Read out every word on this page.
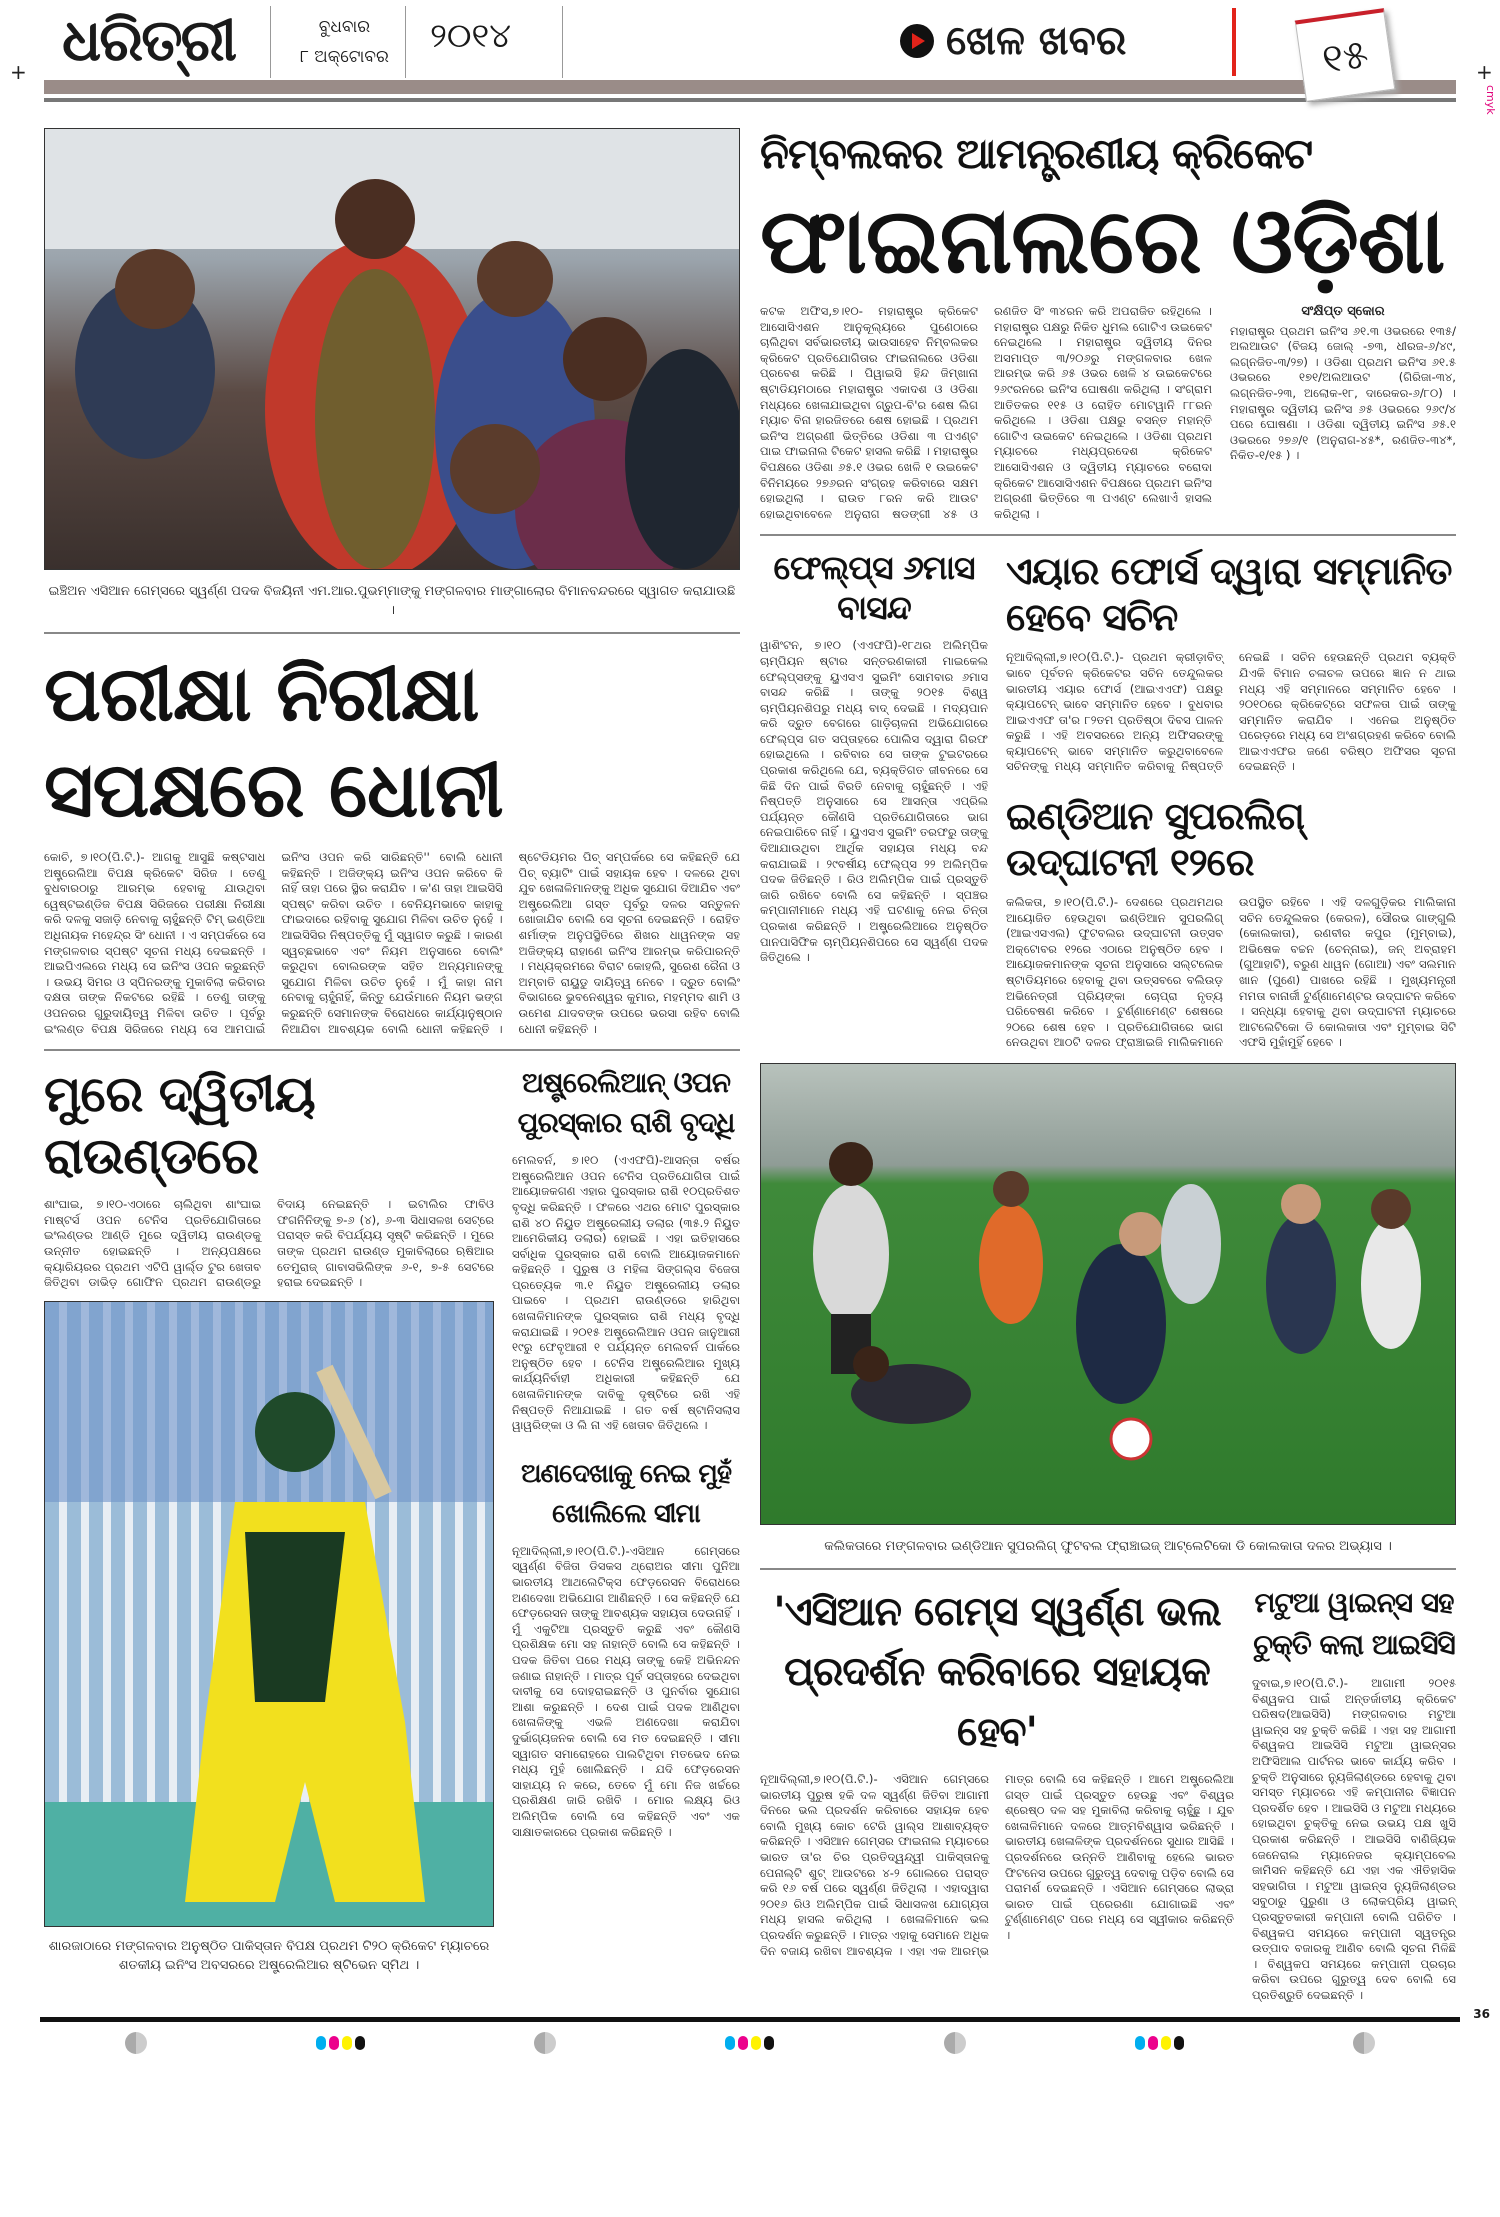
ଧରିତ୍ରୀ	ବୁଧବାର
୮ ଅକ୍ଟୋବର
୨୦୧୪	ଖେଳ ଖବର	୧୫
+	+
cmyk
ଇଞ୍ଚିଅନ ଏସିଆନ ଗେମ୍ସରେ ସ୍ୱର୍ଣ୍ଣ ପଦକ ବିଜୟିନୀ ଏମ.ଆର.ପୁଭମ୍ମାଙ୍କୁ ମଙ୍ଗଳବାର ମାଙ୍ଗାଲୋର ବିମାନବନ୍ଦରରେ ସ୍ୱାଗତ କରାଯାଉଛି ।
ପରୀକ୍ଷା ନିରୀକ୍ଷା ସପକ୍ଷରେ ଧୋନୀ
କୋଚି, ୭।୧୦(ପି.ଟି.)- ଆଗକୁ ଆସୁଛି କଷ୍ଟସାଧ ଅଷ୍ଟ୍ରେଲିଆ ବିପକ୍ଷ କ୍ରିକେଟ ସିରିଜ । ତେଣୁ ବୁଧବାରଠାରୁ ଆରମ୍ଭ ହେବାକୁ ଯାଉଥିବା ୱେଷ୍ଟଇଣ୍ଡିଜ ବିପକ୍ଷ ସିରିଜରେ ପରୀକ୍ଷା ନିରୀକ୍ଷା କରି ଦଳକୁ ସଜାଡ଼ି ନେବାକୁ ଚାହୁଁଛନ୍ତି ଟିମ୍ ଇଣ୍ଡିଆ ଅଧିନାୟକ ମହେନ୍ଦ୍ର ସିଂ ଧୋନୀ । ଏ ସମ୍ପର୍କରେ ସେ ମଙ୍ଗଳବାର ସ୍ପଷ୍ଟ ସୂଚନା ମଧ୍ୟ ଦେଇଛନ୍ତି । ଆଇପିଏଲରେ ମଧ୍ୟ ସେ ଇନିଂସ ଓପନ କରୁଛନ୍ତି । ଉଭୟ ସିମର ଓ ସ୍ପିନରଙ୍କୁ ମୁକାବିଲା କରିବାର ଦକ୍ଷତା ତାଙ୍କ ନିକଟରେ ରହିଛି । ତେଣୁ ତାଙ୍କୁ ଓପନରର ଗୁରୁଦାୟିତ୍ୱ ମିଳିବା ଉଚିତ । ପୂର୍ବରୁ ଇଂଲଣ୍ଡ ବିପକ୍ଷ ସିରିଜରେ ମଧ୍ୟ ସେ ଆମପାଇଁ ଇନିଂସ ଓପନ କରି ସାରିଛନ୍ତି'' ବୋଲି ଧୋନୀ କହିଛନ୍ତି । ଅଜିଙ୍କ୍ୟ ଇନିଂସ ଓପନ କରିବେ କି ନାହିଁ ତାହା ପରେ ସ୍ଥିର କରାଯିବ । କ'ଣ ତାହା ଆଇସିସି ସ୍ପଷ୍ଟ କରିବା ଉଚିତ । ବେନିୟମଭାବେ କାହାକୁ ଫାଇଦାରେ ରହିବାକୁ ସୁଯୋଗ ମିଳିବା ଉଚିତ ନୁହେଁ । ଆଇସିସିର ନିଷ୍ପତ୍ତିକୁ ମୁଁ ସ୍ୱାଗତ କରୁଛି । କାରଣ ସ୍ୱଚ୍ଛଭାବେ ଏବଂ ନିୟମ ଅନୁସାରେ ବୋଲିଂ କରୁଥିବା ବୋଲରଙ୍କ ସହିତ ଅନ୍ୟମାନଙ୍କୁ ସୁଯୋଗ ମିଳିବା ଉଚିତ ନୁହେଁ । ମୁଁ କାହା ନାମ ନେବାକୁ ଚାହୁଁନାହିଁ, କିନ୍ତୁ ଯେଉଁମାନେ ନିୟମ ଭଙ୍ଗ କରୁଛନ୍ତି ସେମାନଙ୍କ ବିରୋଧରେ କାର୍ଯ୍ୟାନୁଷ୍ଠାନ ନିଆଯିବା ଆବଶ୍ୟକ ବୋଲି ଧୋନୀ କହିଛନ୍ତି । ଷ୍ଟେଡିୟମର ପିଚ୍ ସମ୍ପର୍କରେ ସେ କହିଛନ୍ତି ଯେ ପିଚ୍ ବ୍ୟାଟିଂ ପାଇଁ ସହାୟକ ହେବ । ଦଳରେ ଥିବା ଯୁବ ଖେଳାଳିମାନଙ୍କୁ ଅଧିକ ସୁଯୋଗ ଦିଆଯିବ ଏବଂ ଅଷ୍ଟ୍ରେଲିଆ ଗସ୍ତ ପୂର୍ବରୁ ଦଳର ସନ୍ତୁଳନ ଖୋଜାଯିବ ବୋଲି ସେ ସୂଚନା ଦେଇଛନ୍ତି । ରୋହିତ ଶର୍ମାଙ୍କ ଅନୁପସ୍ଥିତିରେ ଶିଖର ଧାୱନଙ୍କ ସହ ଅଜିଙ୍କ୍ୟ ରାହାଣେ ଇନିଂସ ଆରମ୍ଭ କରିପାରନ୍ତି । ମଧ୍ୟକ୍ରମରେ ବିରାଟ କୋହଲି, ସୁରେଶ ରୈନା ଓ ଅମ୍ବାତି ରାୟୁଡୁ ଦାୟିତ୍ୱ ନେବେ । ଦ୍ରୁତ ବୋଲିଂ ବିଭାଗରେ ଭୁବନେଶ୍ୱର କୁମାର, ମହମ୍ମଦ ଶାମି ଓ ଉମେଶ ଯାଦବଙ୍କ ଉପରେ ଭରସା ରହିବ ବୋଲି ଧୋନୀ କହିଛନ୍ତି ।
ମୁରେ ଦ୍ୱିତୀୟ ରାଉଣ୍ଡରେ
ଶାଂଘାଇ, ୭।୧୦-ଏଠାରେ ଚାଲିଥିବା ଶାଂଘାଇ ମାଷ୍ଟର୍ସ ଓପନ ଟେନିସ ପ୍ରତିଯୋଗିତାରେ ଇଂଲଣ୍ଡର ଆଣ୍ଡି ମୁରେ ଦ୍ୱିତୀୟ ରାଉଣ୍ଡକୁ ଉନ୍ନୀତ ହୋଇଛନ୍ତି । ଅନ୍ୟପକ୍ଷରେ କ୍ୟାରିୟରର ପ୍ରଥମ ଏଟିପି ୱାର୍ଲ୍ଡ ଟୁର ଖେତାବ ଜିତିଥିବା ଡାଭିଡ଼ ଗୋଫିନ ପ୍ରଥମ ରାଉଣ୍ଡରୁ ବିଦାୟ ନେଇଛନ୍ତି । ଇଟାଲିର ଫାବିଓ ଫଗନିନିଙ୍କୁ ୭-୬ (୪), ୬-୩ ସିଧାସଳଖ ସେଟ୍‌ରେ ପରାସ୍ତ କରି ବିପର୍ଯ୍ୟୟ ସୃଷ୍ଟି କରିଛନ୍ତି । ମୁରେ ତାଙ୍କ ପ୍ରଥମ ରାଉଣ୍ଡ ମୁକାବିଲାରେ ଋଷିଆର ତେମୁରାଜ୍ ଗାବାସଭିଲିଙ୍କ ୬-୧, ୭-୫ ସେଟରେ ହରାଇ ଦେଇଛନ୍ତି ।
ଶାରଜାଠାରେ ମଙ୍ଗଳବାର ଅନୁଷ୍ଠିତ ପାକିସ୍ତାନ ବିପକ୍ଷ ପ୍ରଥମ ଟି୨୦ କ୍ରିକେଟ ମ୍ୟାଚରେ ଶତକୀୟ ଇନିଂସ ଅବସରରେ ଅଷ୍ଟ୍ରେଲିଆର ଷ୍ଟିଭେନ ସ୍ମିଥ ।
ଅଷ୍ଟ୍ରେଲିଆନ୍ ଓପନ ପୁରସ୍କାର ରାଶି ବୃଦ୍ଧି
ମେଲବର୍ନ, ୭।୧୦ (ଏଏଫପି)-ଆସନ୍ତା ବର୍ଷର ଅଷ୍ଟ୍ରେଲିଆନ ଓପନ ଟେନିସ ପ୍ରତିଯୋଗିତା ପାଇଁ ଆୟୋଜକଗଣ ଏହାର ପୁରସ୍କାର ରାଶି ୧୦ପ୍ରତିଶତ ବୃଦ୍ଧି କରିଛନ୍ତି । ଫଳରେ ଏଥର ମୋଟ ପୁରସ୍କାର ରାଶି ୪୦ ନିୟୁତ ଅଷ୍ଟ୍ରେଲୀୟ ଡଲାର (୩୫.୨ ନିୟୁତ ଆମେରିକୀୟ ଡଲାର) ହୋଇଛି । ଏହା ଇତିହାସରେ ସର୍ବାଧିକ ପୁରସ୍କାର ରାଶି ବୋଲି ଆୟୋଜକମାନେ କହିଛନ୍ତି । ପୁରୁଷ ଓ ମହିଳା ସିଙ୍ଗଲ୍ସ ବିଜେତା ପ୍ରତ୍ୟେକ ୩.୧ ନିୟୁତ ଅଷ୍ଟ୍ରେଲୀୟ ଡଲାର ପାଇବେ । ପ୍ରଥମ ରାଉଣ୍ଡରେ ହାରିଥିବା ଖେଳାଳିମାନଙ୍କ ପୁରସ୍କାର ରାଶି ମଧ୍ୟ ବୃଦ୍ଧି କରାଯାଇଛି । ୨୦୧୫ ଅଷ୍ଟ୍ରେଲିଆନ ଓପନ ଜାନୁଆରୀ ୧୯ରୁ ଫେବୃଆରୀ ୧ ପର୍ଯ୍ୟନ୍ତ ମେଲବର୍ନ ପାର୍କରେ ଅନୁଷ୍ଠିତ ହେବ । ଟେନିସ ଅଷ୍ଟ୍ରେଲିଆର ମୁଖ୍ୟ କାର୍ଯ୍ୟନିର୍ବାହୀ ଅଧିକାରୀ କହିଛନ୍ତି ଯେ ଖେଳାଳିମାନଙ୍କ ଦାବିକୁ ଦୃଷ୍ଟିରେ ରଖି ଏହି ନିଷ୍ପତ୍ତି ନିଆଯାଇଛି । ଗତ ବର୍ଷ ଷ୍ଟାନିସଲାସ ୱାୱରିଙ୍କା ଓ ଲି ନା ଏହି ଖେତାବ ଜିତିଥିଲେ ।
ଅଣଦେଖାକୁ ନେଇ ମୁହଁ ଖୋଲିଲେ ସୀମା
ନୂଆଦିଲ୍ଲୀ,୭।୧୦(ପି.ଟି.)-ଏସିଆନ ଗେମ୍ସରେ ସ୍ୱର୍ଣ୍ଣ ବିଜିତା ଡିସକସ ଥ୍ରୋଅର ସୀମା ପୁନିଆ ଭାରତୀୟ ଆଥଲେଟିକ୍ସ ଫେଡ଼ରେସନ ବିରୋଧରେ ଅଣଦେଖା ଅଭିଯୋଗ ଆଣିଛନ୍ତି । ସେ କହିଛନ୍ତି ଯେ ଫେଡ଼ରେସନ ତାଙ୍କୁ ଆବଶ୍ୟକ ସହାୟତା ଦେଉନାହିଁ । ମୁଁ ଏକୁଟିଆ ପ୍ରସ୍ତୁତି କରୁଛି ଏବଂ କୌଣସି ପ୍ରଶିକ୍ଷକ ମୋ ସହ ନାହାନ୍ତି ବୋଲି ସେ କହିଛନ୍ତି । ପଦକ ଜିତିବା ପରେ ମଧ୍ୟ ତାଙ୍କୁ କେହି ଅଭିନନ୍ଦନ ଜଣାଇ ନାହାନ୍ତି । ମାତ୍ର ପୂର୍ବ ସପ୍ତାହରେ ଦେଇଥିବା ଦାବୀକୁ ସେ ଦୋହରାଇଛନ୍ତି ଓ ପୁନର୍ବାର ସୁଯୋଗ ଆଶା କରୁଛନ୍ତି । ଦେଶ ପାଇଁ ପଦକ ଆଣିଥିବା ଖେଳାଳିଙ୍କୁ ଏଭଳି ଅଣଦେଖା କରାଯିବା ଦୁର୍ଭାଗ୍ୟଜନକ ବୋଲି ସେ ମତ ଦେଇଛନ୍ତି । ସୀମା ସ୍ୱାଗତ ସମାରୋହରେ ପାଲଟିଥିବା ମତଭେଦ ନେଇ ମଧ୍ୟ ମୁହଁ ଖୋଲିଛନ୍ତି । ଯଦି ଫେଡ଼ରେସନ ସାହାଯ୍ୟ ନ କରେ, ତେବେ ମୁଁ ମୋ ନିଜ ଖର୍ଚ୍ଚରେ ପ୍ରଶିକ୍ଷଣ ଜାରି ରଖିବି । ମୋର ଲକ୍ଷ୍ୟ ରିଓ ଅଲିମ୍ପିକ ବୋଲି ସେ କହିଛନ୍ତି ଏବଂ ଏକ ସାକ୍ଷାତକାରରେ ପ୍ରକାଶ କରିଛନ୍ତି ।
ନିମ୍ବଲକର ଆମନ୍ତ୍ରଣୀୟ କ୍ରିକେଟ
ଫାଇନାଲରେ ଓଡ଼ିଶା
କଟକ ଅଫିସ,୭।୧୦- ମହାରାଷ୍ଟ୍ର କ୍ରିକେଟ ଆସୋସିଏଶନ ଆନୁକୂଲ୍ୟରେ ପୁଣେଠାରେ ଚାଲିଥିବା ସର୍ବଭାରତୀୟ ଭାଉସାହେବ ନିମ୍ବଲକର କ୍ରିକେଟ ପ୍ରତିଯୋଗିତାର ଫାଇନାଲରେ ଓଡିଶା ପ୍ରବେଶ କରିଛି । ପିୱାଇସି ହିନ୍ଦ ଜିମ୍‌ଖାନା ଷ୍ଟାଡିୟମଠାରେ ମହାରାଷ୍ଟ୍ର ଏକାଦଶ ଓ ଓଡିଶା ମଧ୍ୟରେ ଖେଳାଯାଇଥିବା ଗ୍ରୁପ-ବି'ର ଶେଷ ଲିଗ ମ୍ୟାଚ ବିନା ହାରଜିତରେ ଶେଷ ହୋଇଛି । ପ୍ରଥମ ଇନିଂସ ଅଗ୍ରଣୀ ଭିତ୍ତିରେ ଓଡିଶା ୩ ପଏଣ୍ଟ ପାଇ ଫାଇନାଲ ଟିକେଟ ହାସଲ କରିଛି । ମହାରାଷ୍ଟ୍ର ବିପକ୍ଷରେ ଓଡିଶା ୬୫.୧ ଓଭର ଖେଳି ୧ ଉଇକେଟ ବିନିମୟରେ ୨୭୬ରନ ସଂଗ୍ରହ କରିବାରେ ସକ୍ଷମ ହୋଇଥିଲା । ରାଉତ ୮ରନ କରି ଆଉଟ ହୋଇଥିବାବେଳେ ଅନୁରାଗ ଷଡଙ୍ଗୀ ୪୫ ଓ ରଣଜିତ ସିଂ ୩୪ରନ କରି ଅପରାଜିତ ରହିଥିଲେ । ମହାରାଷ୍ଟ୍ର ପକ୍ଷରୁ ନିକିତ ଧୁମଲ ଗୋଟିଏ ଉଇକେଟ ନେଇଥିଲେ । ମହାରାଷ୍ଟ୍ର ଦ୍ୱିତୀୟ ଦିନର ଅସମାପ୍ତ ୩/୨୦୬ରୁ ମଙ୍ଗଳବାର ଖେଳ ଆରମ୍ଭ କରି ୬୫ ଓଭର ଖେଳି ୪ ଉଇକେଟରେ ୨୬୯ରନରେ ଇନିଂସ ଘୋଷଣା କରିଥିଲା । ସଂଗ୍ରାମ ଆତିତକର ୧୧୫ ଓ ରୋହିତ ମୋଟୱାନି ୮୮ରନ କରିଥିଲେ । ଓଡିଶା ପକ୍ଷରୁ ବସନ୍ତ ମହାନ୍ତି ଗୋଟିଏ ଉଇକେଟ ନେଇଥିଲେ । ଓଡିଶା ପ୍ରଥମ ମ୍ୟାଚରେ ମଧ୍ୟପ୍ରଦେଶ କ୍ରିକେଟ ଆସୋସିଏଶନ ଓ ଦ୍ୱିତୀୟ ମ୍ୟାଚରେ ବରୋଦା କ୍ରିକେଟ ଆସୋସିଏଶନ ବିପକ୍ଷରେ ପ୍ରଥମ ଇନିଂସ ଅଗ୍ରଣୀ ଭିତ୍ତିରେ ୩ ପଏଣ୍ଟ ଲେଖାଏଁ ହାସଲ କରିଥିଲା ।
ସଂକ୍ଷିପ୍ତ ସ୍କୋର
ମହାରାଷ୍ଟ୍ର ପ୍ରଥମ ଇନିଂସ ୬୧.୩ ଓଭରରେ ୧୩୫/ଅଲଆଉଟ (ବିଜୟ ଜୋଲ୍ -୭୩, ଧୀରଜ-୬/୪୯, ଲଗ୍ନଜିତ-୩/୨୭) । ଓଡିଶା ପ୍ରଥମ ଇନିଂସ ୬୧.୫ ଓଭରରେ ୧୭୧/ଅଲଆଉଟ (ଗିରିଜା-୩୪, ଲଗ୍ନଜିତ-୨୩, ଅଲୋକ-୧୮, ଦାରେକର-୬/୮୦) । ମହାରାଷ୍ଟ୍ର ଦ୍ୱିତୀୟ ଇନିଂସ ୬୫ ଓଭରରେ ୨୬୯/୪ ପରେ ଘୋଷଣା । ଓଡିଶା ଦ୍ୱିତୀୟ ଇନିଂସ ୬୫.୧ ଓଭରରେ ୨୭୬/୧ (ଅନୁରାଗ-୪୫*, ରଣଜିତ-୩୪*, ନିକିତ-୧/୧୫ ) ।
ଫେଲ୍‌ପ୍ସ ୬ମାସ ବାସନ୍ଦ
ୱାଶିଂଟନ, ୭।୧୦ (ଏଏଫପି)-୧୮ଥର ଅଲିମ୍ପିକ ଚାମ୍ପିୟନ ଷ୍ଟାର ସନ୍ତରଣକାରୀ ମାଇକେଲ ଫେଲ୍‌ପ୍ସଙ୍କୁ ୟୁଏସଏ ସୁଇମିଂ ସୋମବାର ୬ମାସ ବାସନ୍ଦ କରିଛି । ତାଙ୍କୁ ୨୦୧୫ ବିଶ୍ୱ ଚାମ୍ପିୟନଶିପରୁ ମଧ୍ୟ ବାଦ୍ ଦେଇଛି । ମଦ୍ୟପାନ କରି ଦ୍ରୁତ ବେଗରେ ଗାଡ଼ିଚାଳନା ଅଭିଯୋଗରେ ଫେଲ୍‌ପ୍ସ ଗତ ସପ୍ତାହରେ ପୋଲିସ ଦ୍ୱାରା ଗିରଫ ହୋଇଥିଲେ । ରବିବାର ସେ ତାଙ୍କ ଟୁଇଟରରେ ପ୍ରକାଶ କରିଥିଲେ ଯେ, ବ୍ୟକ୍ତିଗତ ଜୀବନରେ ସେ କିଛି ଦିନ ପାଇଁ ବିରତି ନେବାକୁ ଚାହୁଁଛନ୍ତି । ଏହି ନିଷ୍ପତ୍ତି ଅନୁସାରେ ସେ ଆସନ୍ତା ଏପ୍ରିଲ ପର୍ଯ୍ୟନ୍ତ କୌଣସି ପ୍ରତିଯୋଗିତାରେ ଭାଗ ନେଇପାରିବେ ନାହିଁ । ୟୁଏସଏ ସୁଇମିଂ ତରଫରୁ ତାଙ୍କୁ ଦିଆଯାଉଥିବା ଆର୍ଥିକ ସହାୟତା ମଧ୍ୟ ବନ୍ଦ କରାଯାଇଛି । ୨୯ବର୍ଷୀୟ ଫେଲ୍‌ପ୍ସ ୨୨ ଅଲିମ୍ପିକ ପଦକ ଜିତିଛନ୍ତି । ରିଓ ଅଲିମ୍ପିକ ପାଇଁ ପ୍ରସ୍ତୁତି ଜାରି ରଖିବେ ବୋଲି ସେ କହିଛନ୍ତି । ସ୍ପଞ୍ଚର କମ୍ପାନୀମାନେ ମଧ୍ୟ ଏହି ଘଟଣାକୁ ନେଇ ଚିନ୍ତା ପ୍ରକାଶ କରିଛନ୍ତି । ଅଷ୍ଟ୍ରେଲିଆରେ ଅନୁଷ୍ଠିତ ପାନପାସିଫିକ ଚାମ୍ପିୟନଶିପରେ ସେ ସ୍ୱର୍ଣ୍ଣ ପଦକ ଜିତିଥିଲେ ।
ଏୟାର ଫୋର୍ସ ଦ୍ୱାରା ସମ୍ମାନିତ ହେବେ ସଚିନ
ନୂଆଦିଲ୍ଲୀ,୭।୧୦(ପି.ଟି.)- ପ୍ରଥମ କ୍ରୀଡ଼ାବିତ୍ ଭାବେ ପୂର୍ବତନ କ୍ରିକେଟର ସଚିନ ତେନ୍ଦୁଲକର ଭାରତୀୟ ଏୟାର ଫୋର୍ସ (ଆଇଏଏଫ) ପକ୍ଷରୁ କ୍ୟାପଟେନ୍ ଭାବେ ସମ୍ମାନିତ ହେବେ । ବୁଧବାର ଆଇଏଏଫ ତା'ର ୮୨ତମ ପ୍ରତିଷ୍ଠା ଦିବସ ପାଳନ କରୁଛି । ଏହି ଅବସରରେ ଅନ୍ୟ ଅଫିସରଙ୍କୁ କ୍ୟାପଟେନ୍ ଭାବେ ସମ୍ମାନିତ କରୁଥିବାବେଳେ ସଚିନଙ୍କୁ ମଧ୍ୟ ସମ୍ମାନିତ କରିବାକୁ ନିଷ୍ପତ୍ତି ନେଇଛି । ସଚିନ ହେଉଛନ୍ତି ପ୍ରଥମ ବ୍ୟକ୍ତି ଯିଏକି ବିମାନ ଚଳାଚଳ ଉପରେ ଜ୍ଞାନ ନ ଥାଇ ମଧ୍ୟ ଏହି ସମ୍ମାନରେ ସମ୍ମାନିତ ହେବେ । ୨୦୧୦ରେ କ୍ରିକେଟ୍‌ରେ ସଫଳତା ପାଇଁ ତାଙ୍କୁ ସମ୍ମାନିତ କରାଯିବ । ଏନେଇ ଅନୁଷ୍ଠିତ ପରେଡ଼ରେ ମଧ୍ୟ ସେ ଅଂଶଗ୍ରହଣ କରିବେ ବୋଲି ଆଇଏଏଫର ଜଣେ ବରିଷ୍ଠ ଅଫିସର ସୂଚନା ଦେଇଛନ୍ତି ।
ଇଣ୍ଡିଆନ ସୁପରଲିଗ୍ ଉଦ୍‌ଘାଟନୀ ୧୨ରେ
କଲିକତା, ୭।୧୦(ପି.ଟି.)- ଦେଶରେ ପ୍ରଥମଥର ଆୟୋଜିତ ହେଉଥିବା ଇଣ୍ଡିଆନ ସୁପରଲିଗ୍ (ଆଇଏସଏଲ) ଫୁଟବଲର ଉଦ୍‌ଘାଟନୀ ଉତ୍ସବ ଅକ୍ଟୋବର ୧୨ରେ ଏଠାରେ ଅନୁଷ୍ଠିତ ହେବ । ଆୟୋଜକମାନଙ୍କ ସୂଚନା ଅନୁସାରେ ସଲ୍ଟଲେକ ଷ୍ଟାଡିୟମରେ ହେବାକୁ ଥିବା ଉତ୍ସବରେ ବଲିଉଡ଼ ଅଭିନେତ୍ରୀ ପ୍ରିୟଙ୍କା ଚୋପ୍ରା ନୃତ୍ୟ ପରିବେଷଣ କରିବେ । ଟୁର୍ଣ୍ଣାମେଣ୍ଟ ଶେଷରେ ୨୦ରେ ଶେଷ ହେବ । ପ୍ରତିଯୋଗିତାରେ ଭାଗ ନେଉଥିବା ଆଠଟି ଦଳର ଫ୍ରାଞ୍ଚାଇଜି ମାଲିକମାନେ ଉପସ୍ଥିତ ରହିବେ । ଏହି ଦଳଗୁଡ଼ିକର ମାଲିକାନା ସଚିନ ତେନ୍ଦୁଲକର (କେରଳ), ସୌରଭ ଗାଙ୍ଗୁଲି (କୋଲକାତା), ରଣବୀର କପୁର (ମୁମ୍ବାଇ), ଅଭିଷେକ ବଚ୍ଚନ (ଚେନ୍ନାଇ), ଜନ୍ ଅବ୍ରାହମ (ଗୁଆହାଟି), ବରୁଣ ଧାୱନ (ଗୋଆ) ଏବଂ ସଲମାନ ଖାନ (ପୁଣେ) ପାଖରେ ରହିଛି । ମୁଖ୍ୟମନ୍ତ୍ରୀ ମମତା ବାନାର୍ଜୀ ଟୁର୍ଣ୍ଣାମେଣ୍ଟର ଉଦ୍‌ଘାଟନ କରିବେ । ସନ୍ଧ୍ୟା ହେବାକୁ ଥିବା ଉଦ୍‌ଘାଟନୀ ମ୍ୟାଚରେ ଆଟଲେଟିକୋ ଡି କୋଲକାତା ଏବଂ ମୁମ୍ବାଇ ସିଟି ଏଫସି ମୁହାଁମୁହିଁ ହେବେ ।
କଲିକତାରେ ମଙ୍ଗଳବାର ଇଣ୍ଡିଆନ ସୁପରଲିଗ୍ ଫୁଟବଲ ଫ୍ରାଞ୍ଚାଇଜ୍ ଆଟ୍‌ଲେଟିକୋ ଡି କୋଲକାତା ଦଳର ଅଭ୍ୟାସ ।
'ଏସିଆନ ଗେମ୍ସ ସ୍ୱର୍ଣ୍ଣ ଭଲ ପ୍ରଦର୍ଶନ କରିବାରେ ସହାୟକ ହେବ'
ନୂଆଦିଲ୍ଲୀ,୭।୧୦(ପି.ଟି.)- ଏସିଆନ ଗେମ୍ସରେ ଭାରତୀୟ ପୁରୁଷ ହକି ଦଳ ସ୍ୱର୍ଣ୍ଣ ଜିତିବା ଆଗାମୀ ଦିନରେ ଭଲ ପ୍ରଦର୍ଶନ କରିବାରେ ସହାୟକ ହେବ ବୋଲି ମୁଖ୍ୟ କୋଚ ଟେରି ୱାଲ୍ସ ଆଶାବ୍ୟକ୍ତ କରିଛନ୍ତି । ଏସିଆନ ଗେମ୍ସର ଫାଇନାଲ ମ୍ୟାଚରେ ଭାରତ ତା'ର ଚିର ପ୍ରତିଦ୍ୱନ୍ଦ୍ୱୀ ପାକିସ୍ତାନକୁ ପେନାଲ୍ଟି ଶୁଟ୍ ଆଉଟରେ ୪-୨ ଗୋଲରେ ପରାସ୍ତ କରି ୧୬ ବର୍ଷ ପରେ ସ୍ୱର୍ଣ୍ଣ ଜିତିଥିଲା । ଏହାଦ୍ୱାରା ୨୦୧୬ ରିଓ ଅଲିମ୍ପିକ ପାଇଁ ସିଧାସଳଖ ଯୋଗ୍ୟତା ମଧ୍ୟ ହାସଲ କରିଥିଲା । ଖେଳାଳିମାନେ ଭଲ ପ୍ରଦର୍ଶନ କରୁଛନ୍ତି । ମାତ୍ର ଏହାକୁ ସେମାନେ ଅଧିକ ଦିନ ବଜାୟ ରଖିବା ଆବଶ୍ୟକ । ଏହା ଏକ ଆରମ୍ଭ ମାତ୍ର ବୋଲି ସେ କହିଛନ୍ତି । ଆମେ ଅଷ୍ଟ୍ରେଲିଆ ଗସ୍ତ ପାଇଁ ପ୍ରସ୍ତୁତ ହେଉଛୁ ଏବଂ ବିଶ୍ୱର ଶ୍ରେଷ୍ଠ ଦଳ ସହ ମୁକାବିଲା କରିବାକୁ ଚାହୁଁଛୁ । ଯୁବ ଖେଳାଳିମାନେ ଦଳରେ ଆତ୍ମବିଶ୍ୱାସ ଭରିଛନ୍ତି । ଭାରତୀୟ ଖେଳାଳିଙ୍କ ପ୍ରଦର୍ଶନରେ ସୁଧାର ଆସିଛି । ପ୍ରଦର୍ଶନରେ ଉନ୍ନତି ଆଣିବାକୁ ହେଲେ ଭାରତ ଫିଟନେସ ଉପରେ ଗୁରୁତ୍ୱ ଦେବାକୁ ପଡ଼ିବ ବୋଲି ସେ ପରାମର୍ଶ ଦେଇଛନ୍ତି । ଏସିଆନ ଗେମ୍ସରେ ଲାଭ୍ରା ଭାରତ ପାଇଁ ପ୍ରେରଣା ଯୋଗାଇଛି ଏବଂ ଟୁର୍ଣ୍ଣାମେଣ୍ଟ ପରେ ମଧ୍ୟ ସେ ସ୍ୱୀକାର କରିଛନ୍ତି ।
ମଟୁଆ ୱାଇନ୍ସ ସହ ଚୁକ୍ତି କଲା ଆଇସିସି
ଦୁବାଇ,୭।୧୦(ପି.ଟି.)- ଆଗାମୀ ୨୦୧୫ ବିଶ୍ୱକପ ପାଇଁ ଅନ୍ତର୍ଜାତୀୟ କ୍ରିକେଟ ପରିଷଦ(ଆଇସିସି) ମଙ୍ଗଳବାର ମଟୁଆ ୱାଇନ୍ସ ସହ ଚୁକ୍ତି କରିଛି । ଏହା ସହ ଆଗାମୀ ବିଶ୍ୱକପ ଆଇସିସି ମଟୁଆ ୱାଇନ୍ସର ଅଫିସିଆଲ ପାର୍ଟନର ଭାବେ କାର୍ଯ୍ୟ କରିବ । ଚୁକ୍ତି ଅନୁସାରେ ନ୍ୟୁଜିଲାଣ୍ଡରେ ହେବାକୁ ଥିବା ସମସ୍ତ ମ୍ୟାଚରେ ଏହି କମ୍ପାନୀର ବିଜ୍ଞାପନ ପ୍ରଦର୍ଶିତ ହେବ । ଆଇସିସି ଓ ମଟୁଆ ମଧ୍ୟରେ ହୋଇଥିବା ଚୁକ୍ତିକୁ ନେଇ ଉଭୟ ପକ୍ଷ ଖୁସି ପ୍ରକାଶ କରିଛନ୍ତି । ଆଇସିସି ବାଣିଜ୍ୟିକ ଜେନେରାଲ ମ୍ୟାନେଜର କ୍ୟାମ୍ପବେଲ ଜାମିସନ କହିଛନ୍ତି ଯେ ଏହା ଏକ ଐତିହାସିକ ସହଭାଗିତା । ମଟୁଆ ୱାଇନ୍ସ ନ୍ୟୁଜିଲାଣ୍ଡର ସବୁଠାରୁ ପୁରୁଣା ଓ ଲୋକପ୍ରିୟ ୱାଇନ୍ ପ୍ରସ୍ତୁତକାରୀ କମ୍ପାନୀ ବୋଲି ପରିଚିତ । ବିଶ୍ୱକପ ସମୟରେ କମ୍ପାନୀ ସ୍ୱତନ୍ତ୍ର ଉତ୍ପାଦ ବଜାରକୁ ଆଣିବ ବୋଲି ସୂଚନା ମିଳିଛି । ବିଶ୍ୱକପ ସମୟରେ କମ୍ପାନୀ ପ୍ରଚାର କରିବା ଉପରେ ଗୁରୁତ୍ୱ ଦେବ ବୋଲି ସେ ପ୍ରତିଶ୍ରୁତି ଦେଇଛନ୍ତି ।
36
